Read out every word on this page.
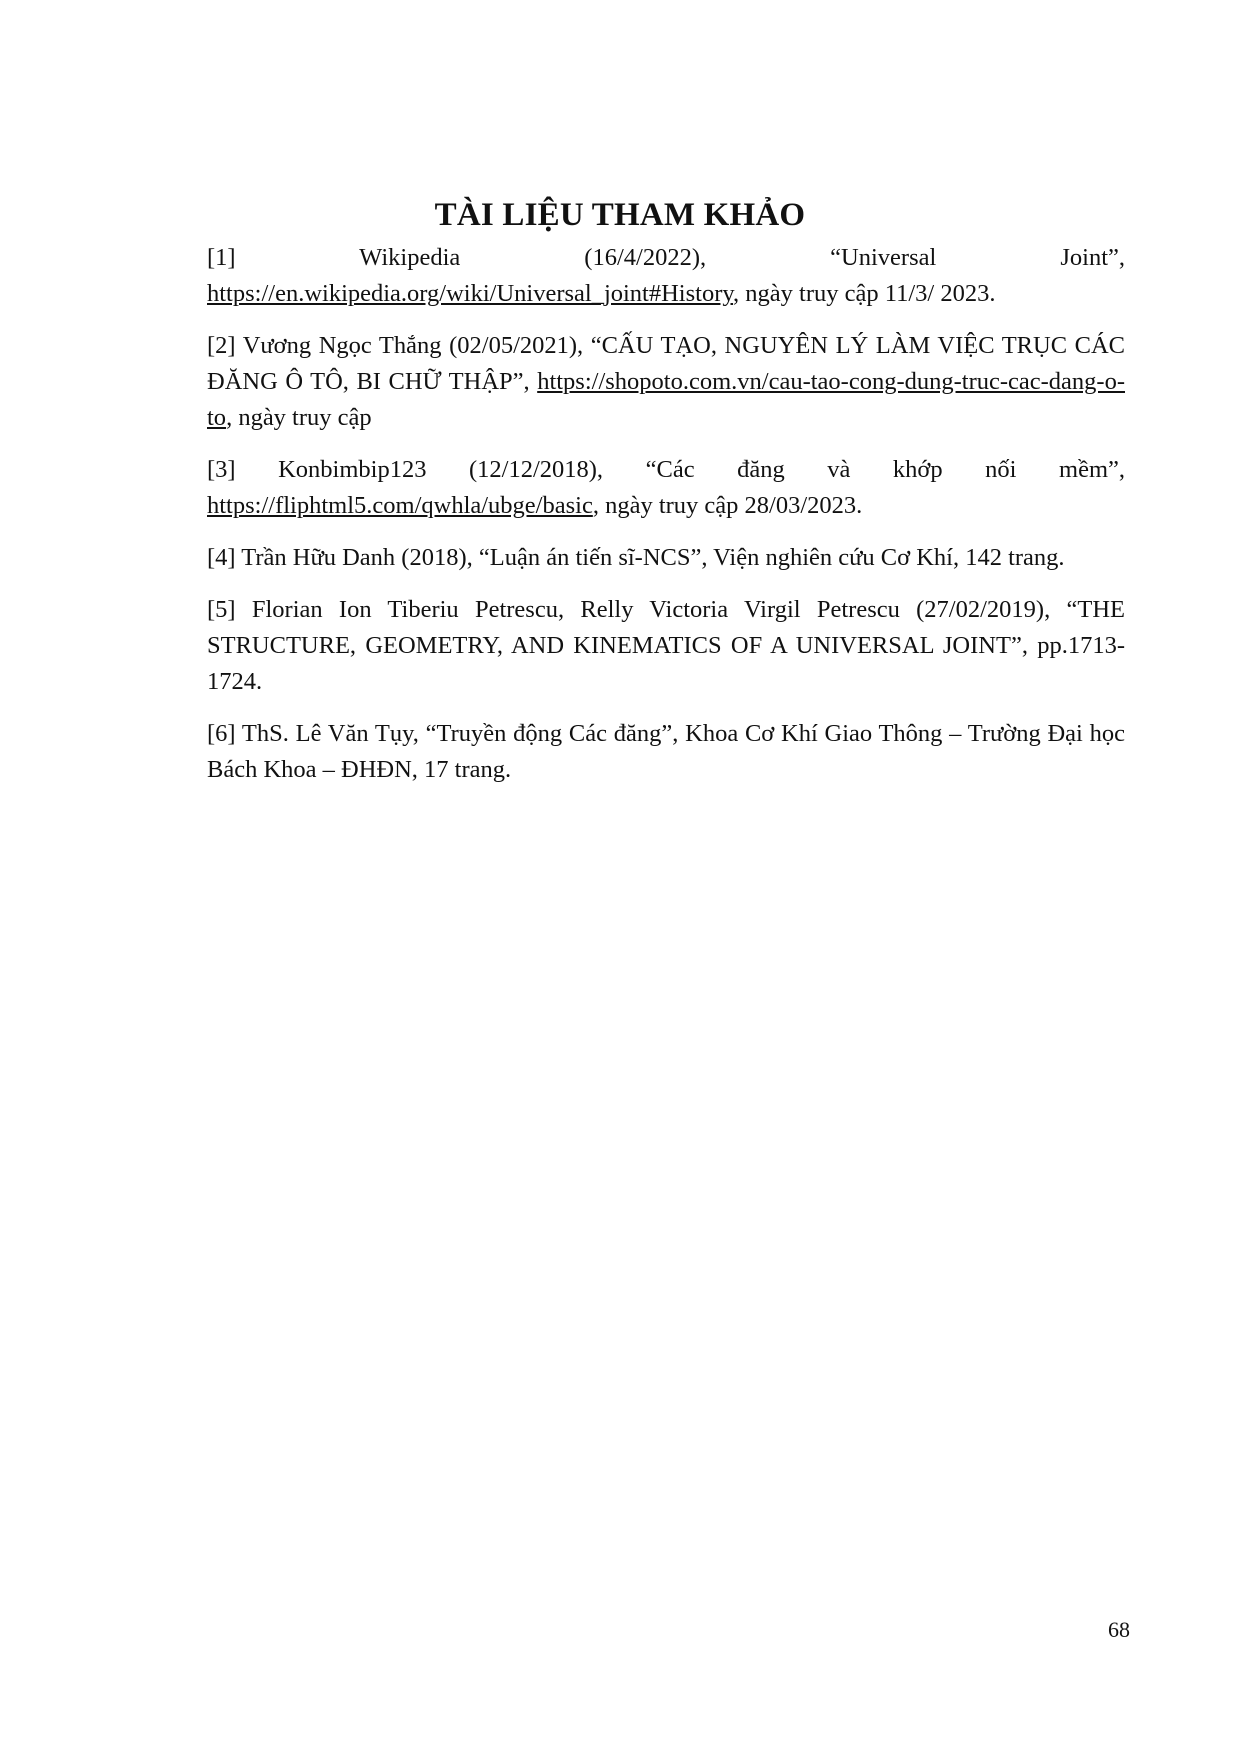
TÀI LIỆU THAM KHẢO

[1] Wikipedia (16/4/2022), “Universal Joint”, https://en.wikipedia.org/wiki/Universal_joint#History, ngày truy cập 11/3/ 2023.

[2] Vương Ngọc Thắng (02/05/2021), “CẤU TẠO, NGUYÊN LÝ LÀM VIỆC TRỤC CÁC ĐĂNG Ô TÔ, BI CHỮ THẬP”, https://shopoto.com.vn/cau-tao-cong-dung-truc-cac-dang-o-to, ngày truy cập

[3] Konbimbip123 (12/12/2018), “Các đăng và khớp nối mềm”, https://fliphtml5.com/qwhla/ubge/basic, ngày truy cập 28/03/2023.

[4] Trần Hữu Danh (2018), “Luận án tiến sĩ-NCS”, Viện nghiên cứu Cơ Khí, 142 trang.

[5] Florian Ion Tiberiu Petrescu, Relly Victoria Virgil Petrescu (27/02/2019), “THE STRUCTURE, GEOMETRY, AND KINEMATICS OF A UNIVERSAL JOINT”, pp.1713-1724.

[6] ThS. Lê Văn Tụy, “Truyền động Các đăng”, Khoa Cơ Khí Giao Thông – Trường Đại học Bách Khoa – ĐHĐN, 17 trang.

68
